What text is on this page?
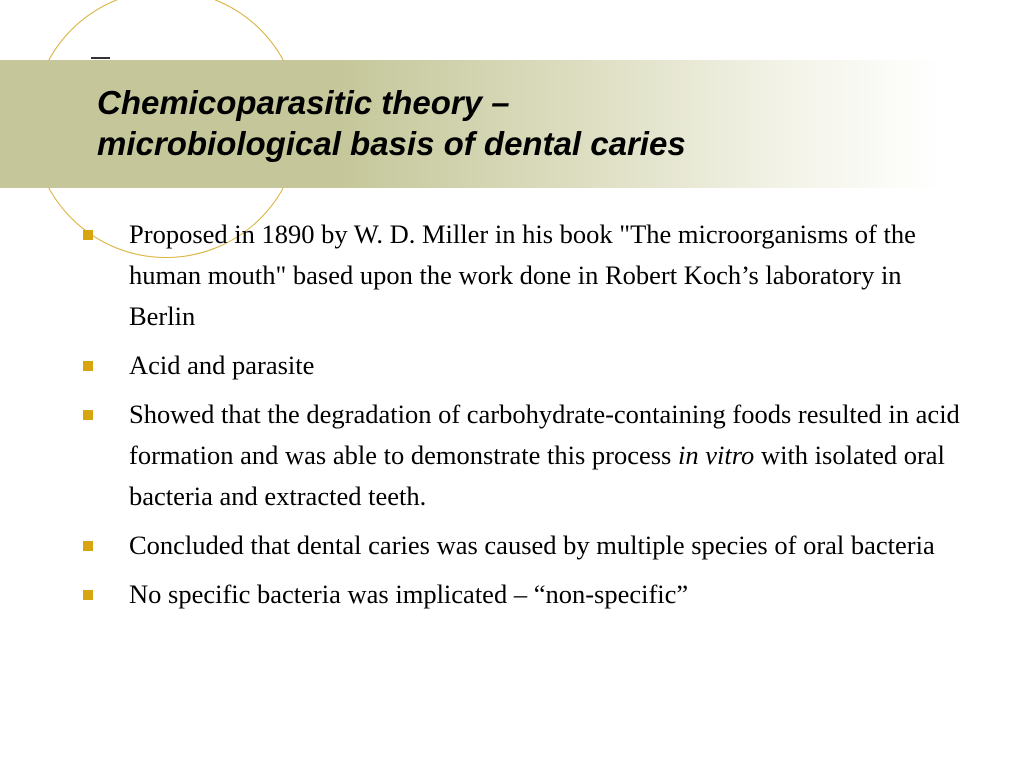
Chemicoparasitic theory –
microbiological basis of dental caries
Proposed in 1890 by W. D. Miller in his book "The microorganisms of the human mouth" based upon the work done in Robert Koch’s laboratory in Berlin
Acid and parasite
Showed that the degradation of carbohydrate-containing foods resulted in acid formation and was able to demonstrate this process in vitro with isolated oral bacteria and extracted teeth.
Concluded that dental caries was caused by multiple species of oral bacteria
No specific bacteria was implicated – “non-specific”
